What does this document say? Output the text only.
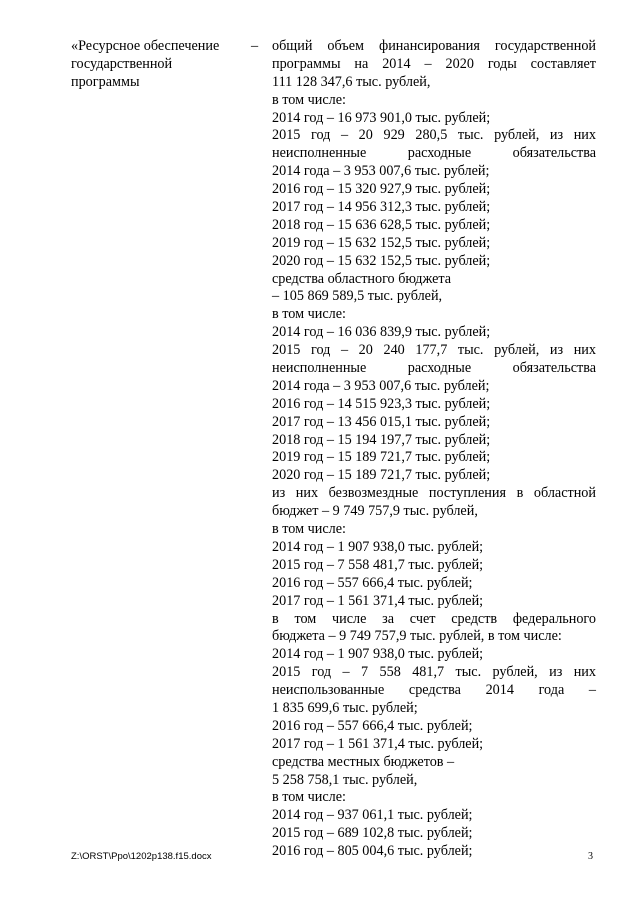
«Ресурсное обеспечение
государственной
программы
– общий объем финансирования государственной
программы на 2014 – 2020 годы составляет
111 128 347,6 тыс. рублей,
в том числе:
2014 год – 16 973 901,0 тыс. рублей;
2015 год – 20 929 280,5 тыс. рублей, из них
неисполненные расходные обязательства
2014 года – 3 953 007,6 тыс. рублей;
2016 год – 15 320 927,9 тыс. рублей;
2017 год – 14 956 312,3 тыс. рублей;
2018 год – 15 636 628,5 тыс. рублей;
2019 год – 15 632 152,5 тыс. рублей;
2020 год – 15 632 152,5 тыс. рублей;
средства областного бюджета
– 105 869 589,5 тыс. рублей,
в том числе:
2014 год – 16 036 839,9 тыс. рублей;
2015 год – 20 240 177,7 тыс. рублей, из них
неисполненные расходные обязательства
2014 года – 3 953 007,6 тыс. рублей;
2016 год – 14 515 923,3 тыс. рублей;
2017 год – 13 456 015,1 тыс. рублей;
2018 год – 15 194 197,7 тыс. рублей;
2019 год – 15 189 721,7 тыс. рублей;
2020 год – 15 189 721,7 тыс. рублей;
из них безвозмездные поступления в областной
бюджет – 9 749 757,9 тыс. рублей,
в том числе:
2014 год – 1 907 938,0 тыс. рублей;
2015 год – 7 558 481,7 тыс. рублей;
2016 год – 557 666,4 тыс. рублей;
2017 год – 1 561 371,4 тыс. рублей;
в том числе за счет средств федерального
бюджета – 9 749 757,9 тыс. рублей, в том числе:
2014 год – 1 907 938,0 тыс. рублей;
2015 год – 7 558 481,7 тыс. рублей, из них
неиспользованные средства 2014 года –
1 835 699,6 тыс. рублей;
2016 год – 557 666,4 тыс. рублей;
2017 год – 1 561 371,4 тыс. рублей;
средства местных бюджетов –
5 258 758,1 тыс. рублей,
в том числе:
2014 год – 937 061,1 тыс. рублей;
2015 год – 689 102,8 тыс. рублей;
2016 год – 805 004,6 тыс. рублей;
Z:\ORST\Ppo\1202p138.f15.docx	3
